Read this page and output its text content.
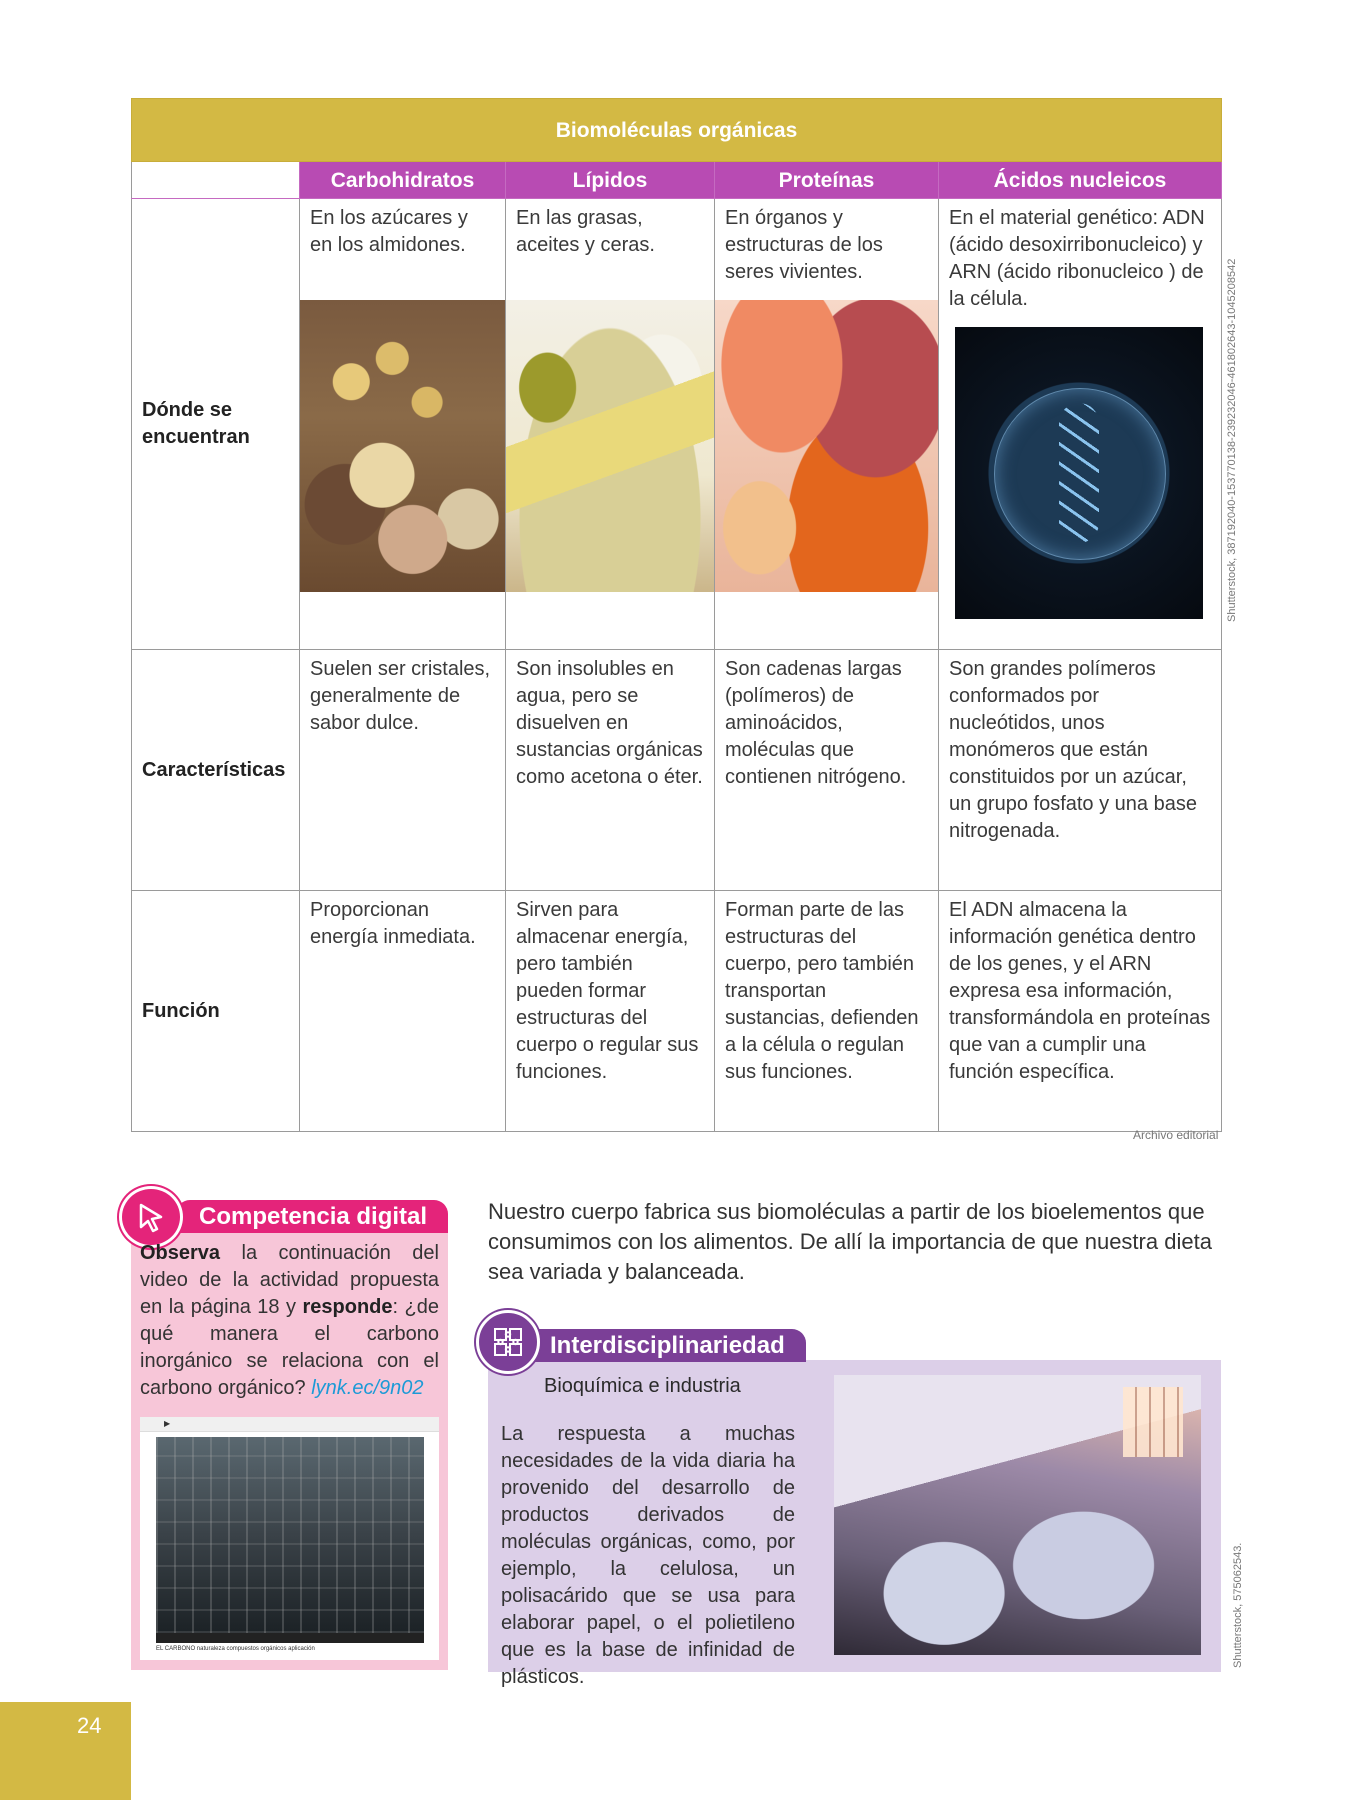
Biomoléculas orgánicas				
	Carbohidratos	Lípidos	Proteínas	Ácidos nucleicos
Dónde se encuentran	En los azúcares y en los almidones.	En las grasas, aceites y ceras.	En órganos y estructuras de los seres vivientes.	En el material genético: ADN (ácido desoxirribonucleico) y ARN (ácido ribonucleico ) de la célula.

Características	Suelen ser cristales, generalmente de sabor dulce.	Son insolubles en agua, pero se disuelven en sustancias orgánicas como acetona o éter.	Son cadenas largas (polímeros) de aminoácidos, moléculas que contienen nitrógeno.	Son grandes polímeros conformados por nucleótidos, unos monómeros que están constituidos por un azúcar, un grupo fosfato y una base nitrogenada.
Función	Proporcionan energía inmediata.	Sirven para almacenar energía, pero también pueden formar estructuras del cuerpo o regular sus funciones.	Forman parte de las estructuras del cuerpo, pero también transportan sustancias, defienden a la célula o regulan sus funciones.	El ADN almacena la información genética dentro de los genes, y el ARN expresa esa información, transformándola en proteínas que van a cumplir una función específica.
Shutterstock, 387192040-153770138-239232046-461802643-1045208542
Archivo editorial
Competencia digital
Observa la continuación del video de la actividad propuesta en la página 18 y responde: ¿de qué manera el carbono inorgánico se relaciona con el carbono orgánico? lynk.ec/9n02
▶
EL CARBONO naturaleza compuestos orgánicos aplicación
Nuestro cuerpo fabrica sus biomoléculas a partir de los bioelementos que consumimos con los alimentos. De allí la importancia de que nuestra dieta sea variada y balanceada.
Interdisciplinariedad
Bioquímica e industria
La respuesta a muchas necesidades de la vida diaria ha provenido del desarrollo de productos derivados de moléculas orgánicas, como, por ejemplo, la celulosa, un polisacárido que se usa para elaborar papel, o el polietileno que es la base de infinidad de plásticos.
Shutterstock, 575062543.
24
